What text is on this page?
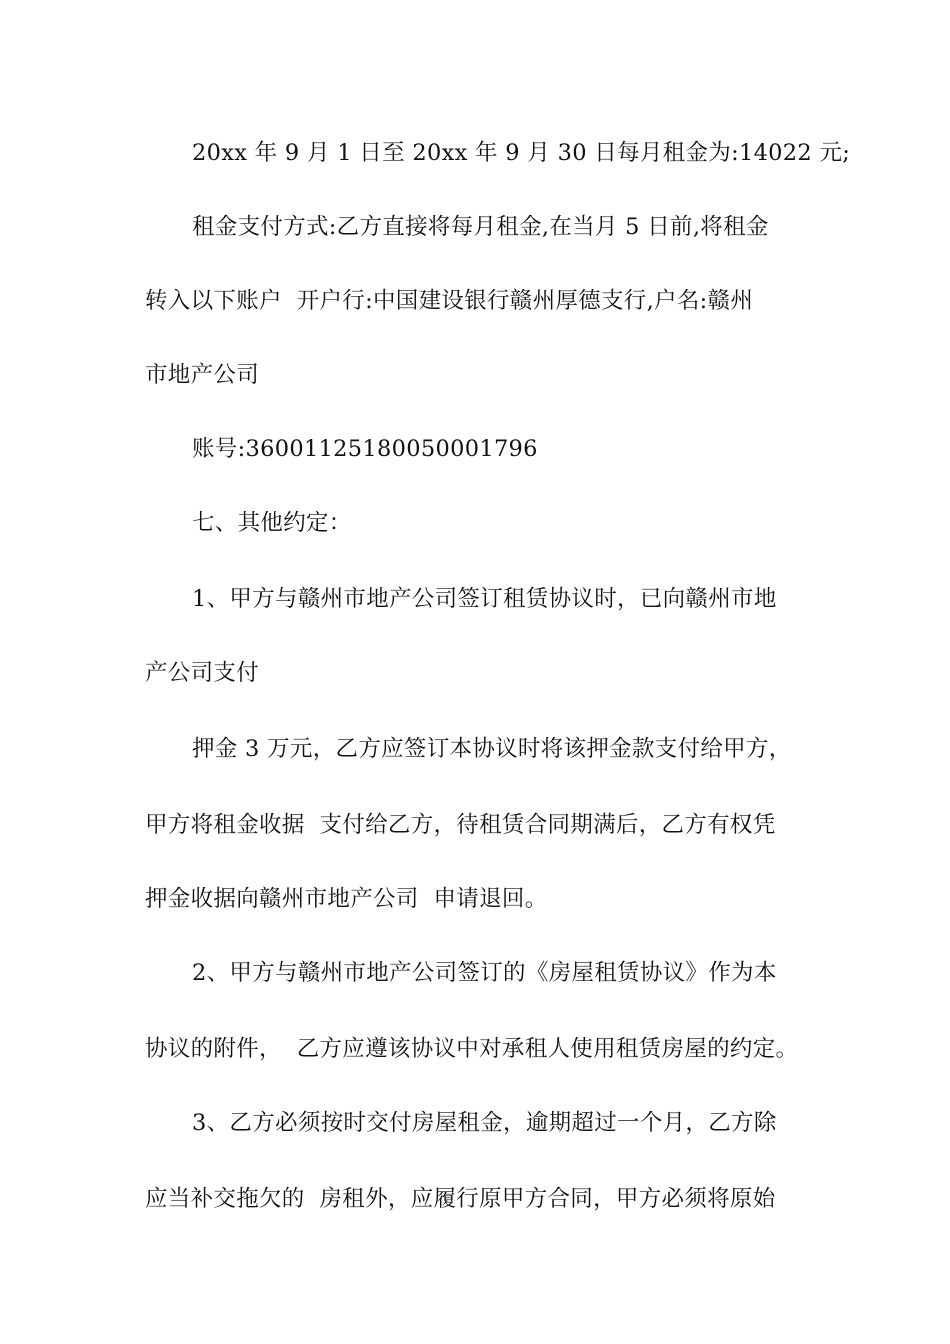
20xx 年 9 月 1 日至 20xx 年 9 月 30 日每月租金为:14022 元;
租金支付方式:乙方直接将每月租金,在当月 5 日前,将租金
转入以下账户  开户行:中国建设银行赣州厚德支行,户名:赣州
市地产公司
账号:36001125180050001796
七、其他约定：
1、甲方与赣州市地产公司签订租赁协议时，已向赣州市地
产公司支付
押金 3 万元，乙方应签订本协议时将该押金款支付给甲方，
甲方将租金收据  支付给乙方，待租赁合同期满后，乙方有权凭
押金收据向赣州市地产公司  申请退回。
2、甲方与赣州市地产公司签订的《房屋租赁协议》作为本
协议的附件，  乙方应遵该协议中对承租人使用租赁房屋的约定。
3、乙方必须按时交付房屋租金，逾期超过一个月，乙方除
应当补交拖欠的  房租外，应履行原甲方合同，甲方必须将原始
